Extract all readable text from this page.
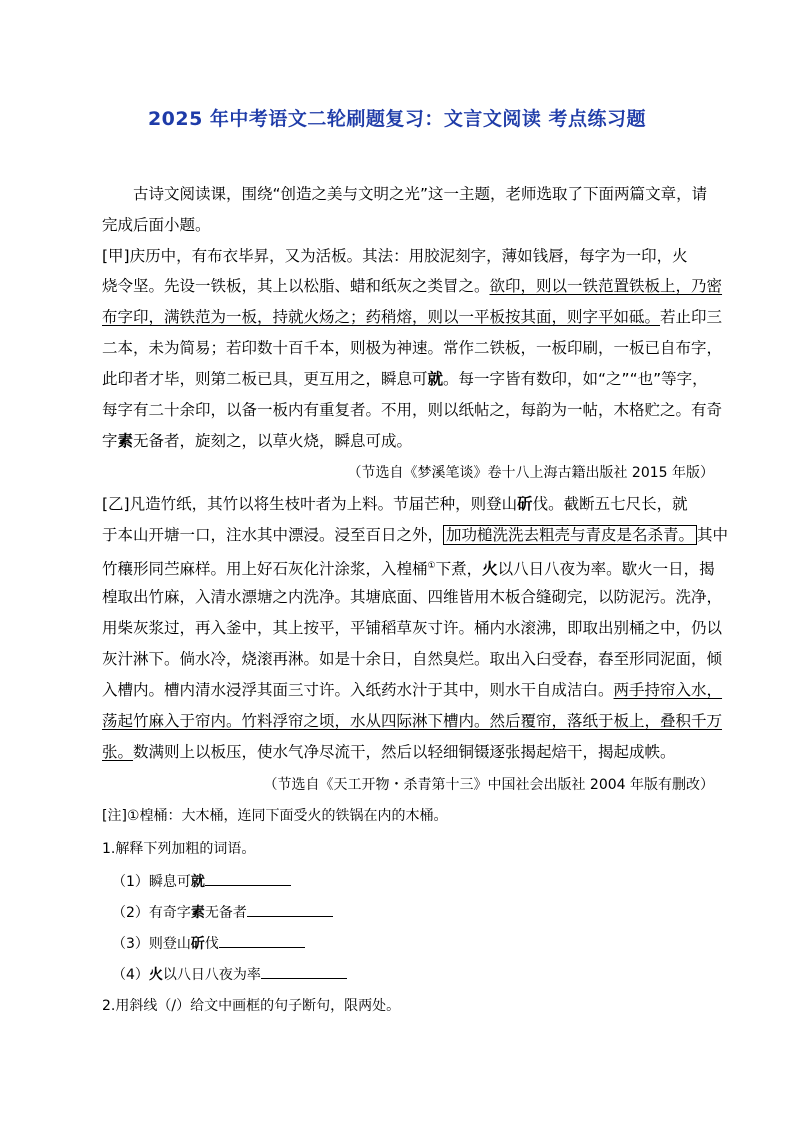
2025 年中考语文二轮刷题复习：文言文阅读 考点练习题
古诗文阅读课，围绕“创造之美与文明之光”这一主题，老师选取了下面两篇文章，请
完成后面小题。
[甲]庆历中，有布衣毕昇，又为活板。其法：用胶泥刻字，薄如钱唇，每字为一印，火
烧令坚。先设一铁板，其上以松脂、蜡和纸灰之类冒之。欲印，则以一铁范置铁板上，乃密
布字印，满铁范为一板，持就火炀之；药稍熔，则以一平板按其面，则字平如砥。若止印三
二本，未为简易；若印数十百千本，则极为神速。常作二铁板，一板印刷，一板已自布字，
此印者才毕，则第二板已具，更互用之，瞬息可就。每一字皆有数印，如“之”“也”等字，
每字有二十余印，以备一板内有重复者。不用，则以纸帖之，每韵为一帖，木格贮之。有奇
字素无备者，旋刻之，以草火烧，瞬息可成。
（节选自《梦溪笔谈》卷十八上海古籍出版社 2015 年版）
[乙]凡造竹纸，其竹以将生枝叶者为上料。节届芒种，则登山斫伐。截断五七尺长，就
于本山开塘一口，注水其中漂浸。浸至百日之外， 加功槌洗洗去粗壳与青皮是名杀青。 其中
竹穰形同苎麻样。用上好石灰化汁涂浆，入楻桶①下煮，火以八日八夜为率。歇火一日，揭
楻取出竹麻，入清水漂塘之内洗净。其塘底面、四维皆用木板合缝砌完，以防泥污。洗净，
用柴灰浆过，再入釜中，其上按平，平铺稻草灰寸许。桶内水滚沸，即取出别桶之中，仍以
灰汁淋下。倘水冷，烧滚再淋。如是十余日，自然臭烂。取出入臼受舂，舂至形同泥面，倾
入槽内。槽内清水浸浮其面三寸许。入纸药水汁于其中，则水干自成洁白。两手持帘入水，
荡起竹麻入于帘内。竹料浮帘之顷，水从四际淋下槽内。然后覆帘，落纸于板上，叠积千万
张。数满则上以板压，使水气净尽流干，然后以轻细铜镊逐张揭起焙干，揭起成帙。
（节选自《天工开物・杀青第十三》中国社会出版社 2004 年版有删改）
[注]①楻桶：大木桶，连同下面受火的铁锅在内的木桶。
1.解释下列加粗的词语。
（1）瞬息可就
（2）有奇字素无备者
（3）则登山斫伐
（4）火以八日八夜为率
2.用斜线（/）给文中画框的句子断句，限两处。
